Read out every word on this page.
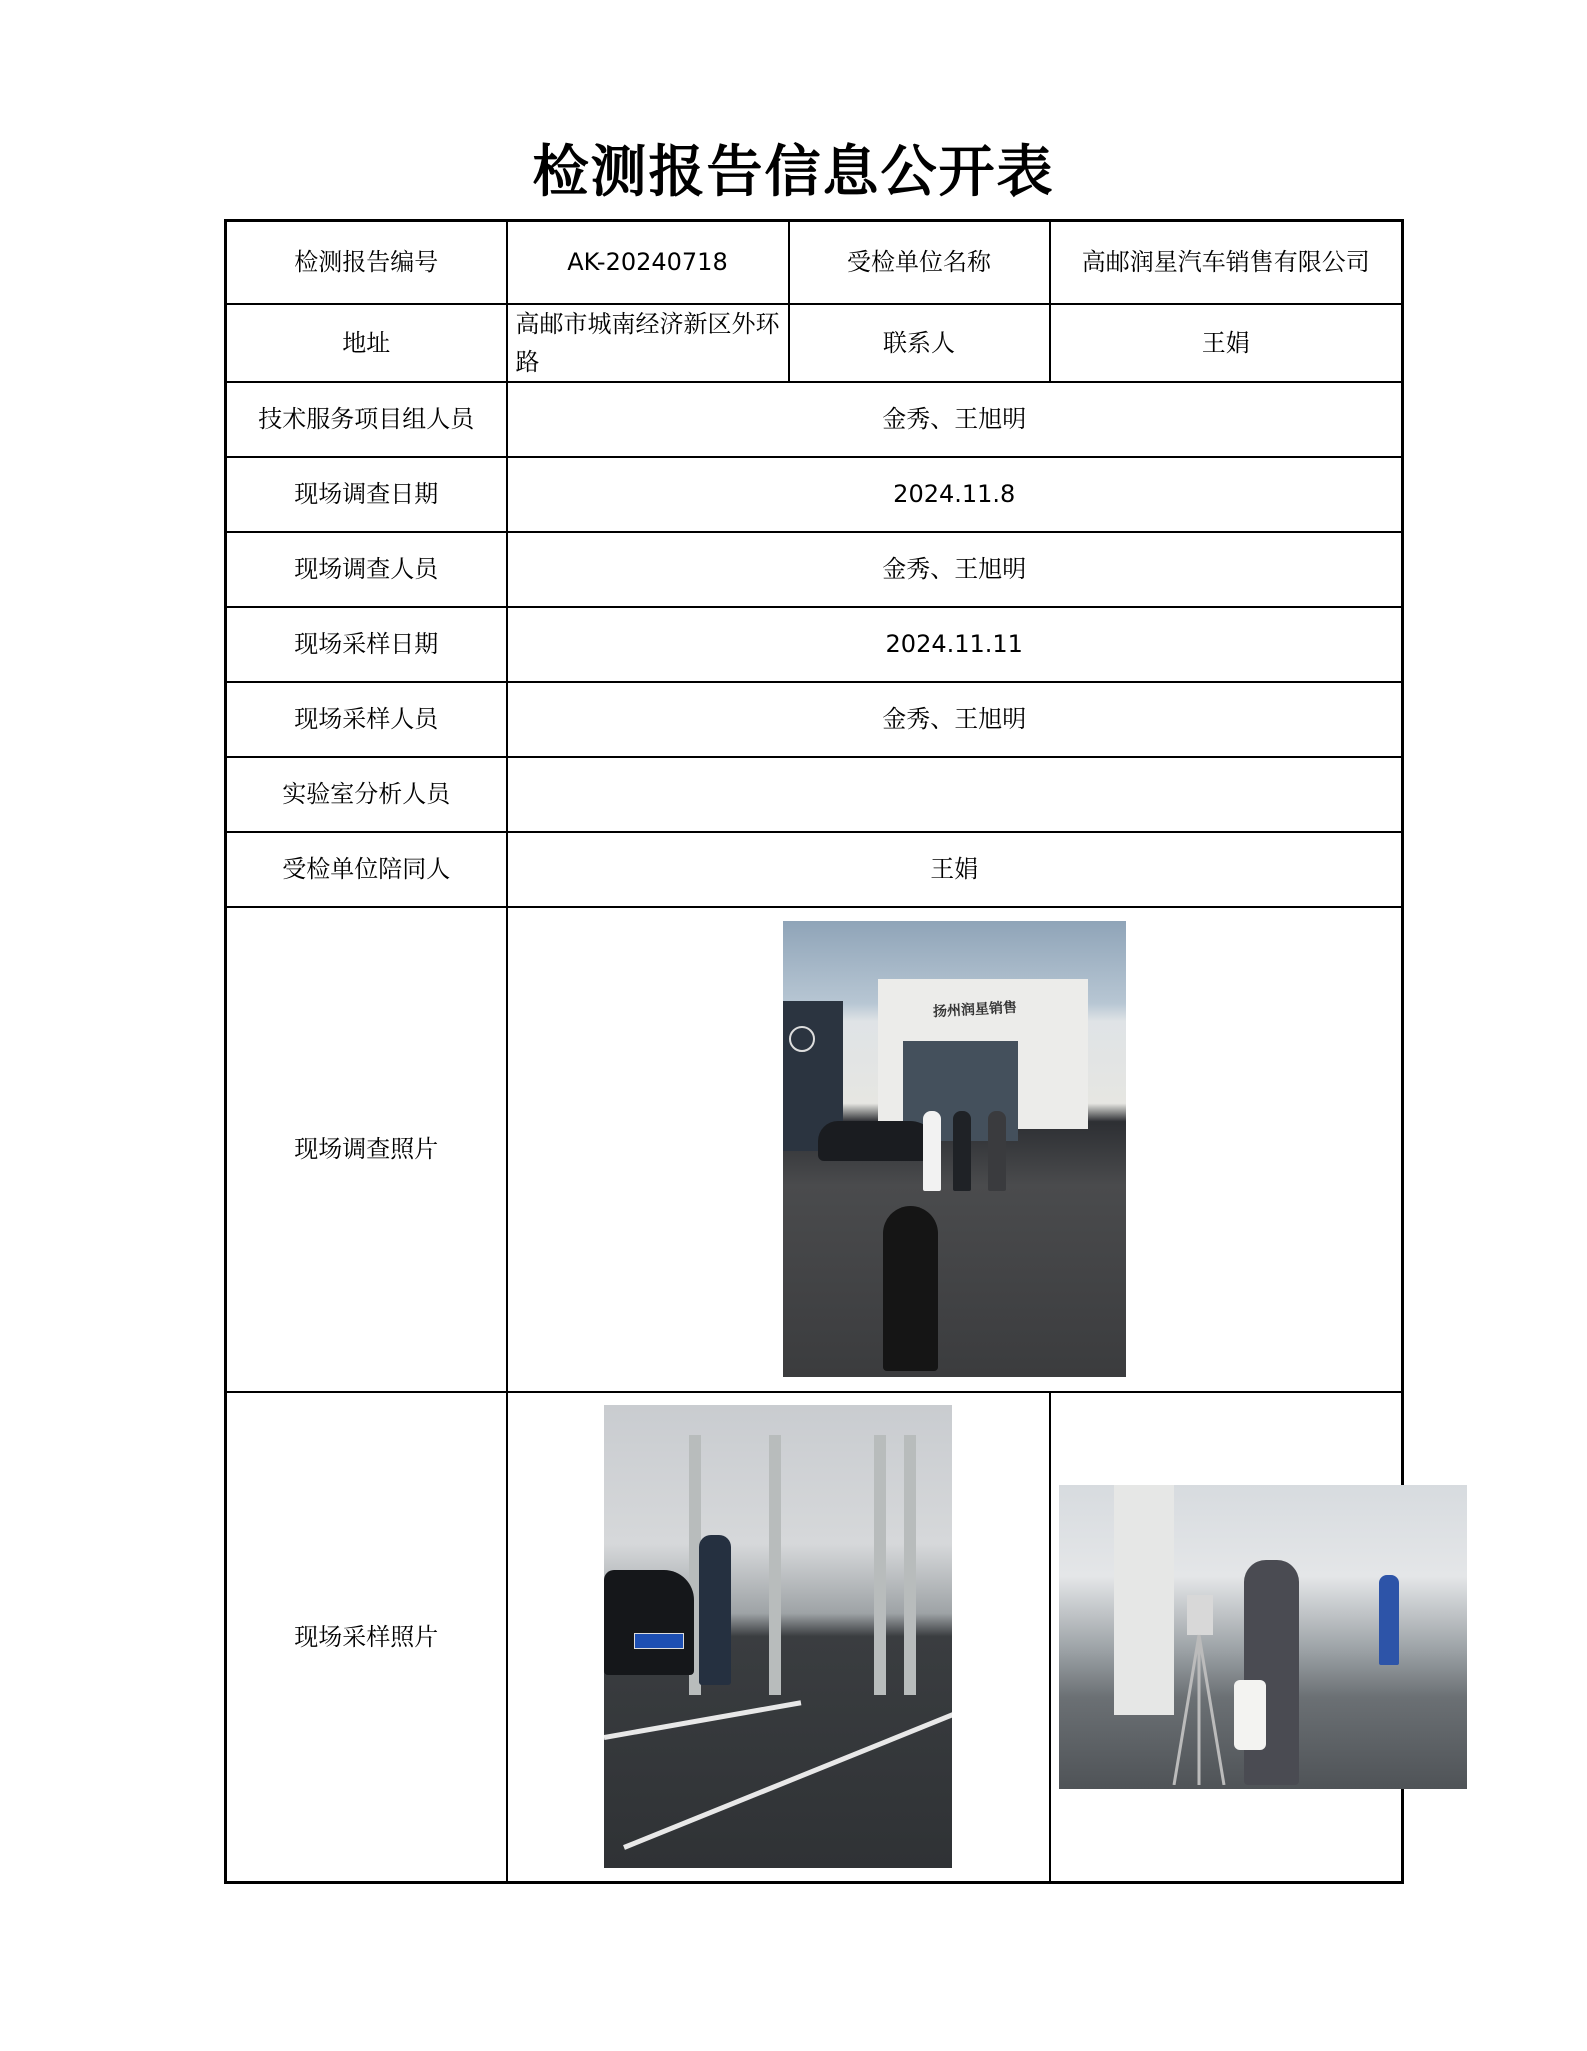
检测报告信息公开表
检测报告编号	AK-20240718	受检单位名称	高邮润星汽车销售有限公司
地址	高邮市城南经济新区外环路	联系人	王娟
技术服务项目组人员	金秀、王旭明		
现场调查日期	2024.11.8		
现场调查人员	金秀、王旭明		
现场采样日期	2024.11.11		
现场采样人员	金秀、王旭明		
实验室分析人员			
受检单位陪同人	王娟		
现场调查照片	扬州润星销售		

现场采样照片	
